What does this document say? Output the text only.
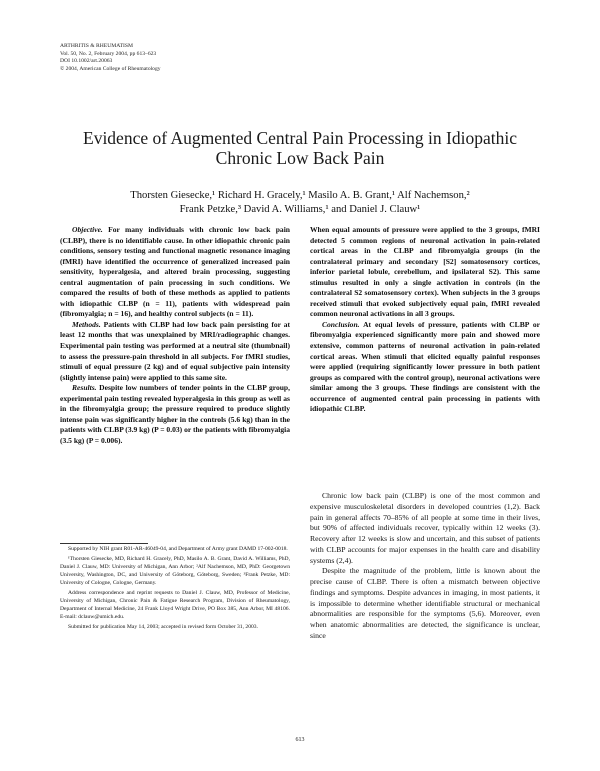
ARTHRITIS & RHEUMATISM
Vol. 50, No. 2, February 2004, pp 613–623
DOI 10.1002/art.20063
© 2004, American College of Rheumatology
Evidence of Augmented Central Pain Processing in Idiopathic
Chronic Low Back Pain
Thorsten Giesecke,¹ Richard H. Gracely,¹ Masilo A. B. Grant,¹ Alf Nachemson,²
Frank Petzke,³ David A. Williams,¹ and Daniel J. Clauw¹

Objective. For many individuals with chronic low back pain (CLBP), there is no identifiable cause. In other idiopathic chronic pain conditions, sensory testing and functional magnetic resonance imaging (fMRI) have identified the occurrence of generalized increased pain sensitivity, hyperalgesia, and altered brain processing, suggesting central augmentation of pain processing in such conditions. We compared the results of both of these methods as applied to patients with idiopathic CLBP (n = 11), patients with widespread pain (fibromyalgia; n = 16), and healthy control subjects (n = 11).

Methods. Patients with CLBP had low back pain persisting for at least 12 months that was unexplained by MRI/radiographic changes. Experimental pain testing was performed at a neutral site (thumbnail) to assess the pressure-pain threshold in all subjects. For fMRI studies, stimuli of equal pressure (2 kg) and of equal subjective pain intensity (slightly intense pain) were applied to this same site.

Results. Despite low numbers of tender points in the CLBP group, experimental pain testing revealed hyperalgesia in this group as well as in the fibromyalgia group; the pressure required to produce slightly intense pain was significantly higher in the controls (5.6 kg) than in the patients with CLBP (3.9 kg) (P = 0.03) or the patients with fibromyalgia (3.5 kg) (P = 0.006).

When equal amounts of pressure were applied to the 3 groups, fMRI detected 5 common regions of neuronal activation in pain-related cortical areas in the CLBP and fibromyalgia groups (in the contralateral primary and secondary [S2] somatosensory cortices, inferior parietal lobule, cerebellum, and ipsilateral S2). This same stimulus resulted in only a single activation in controls (in the contralateral S2 somatosensory cortex). When subjects in the 3 groups received stimuli that evoked subjectively equal pain, fMRI revealed common neuronal activations in all 3 groups.

Conclusion. At equal levels of pressure, patients with CLBP or fibromyalgia experienced significantly more pain and showed more extensive, common patterns of neuronal activation in pain-related cortical areas. When stimuli that elicited equally painful responses were applied (requiring significantly lower pressure in both patient groups as compared with the control group), neuronal activations were similar among the 3 groups. These findings are consistent with the occurrence of augmented central pain processing in patients with idiopathic CLBP.

Chronic low back pain (CLBP) is one of the most common and expensive musculoskeletal disorders in developed countries (1,2). Back pain in general affects 70–85% of all people at some time in their lives, but 90% of affected individuals recover, typically within 12 weeks (3). Recovery after 12 weeks is slow and uncertain, and this subset of patients with CLBP accounts for major expenses in the health care and disability systems (2,4).

Despite the magnitude of the problem, little is known about the precise cause of CLBP. There is often a mismatch between objective findings and symptoms. Despite advances in imaging, in most patients, it is impossible to determine whether identifiable structural or mechanical abnormalities are responsible for the symptoms (5,6). Moreover, even when anatomic abnormalities are detected, the significance is unclear, since

Supported by NIH grant R01-AR-46049-04, and Department of Army grant DAMD 17-002-0018.

¹Thorsten Giesecke, MD, Richard H. Gracely, PhD, Masilo A. B. Grant, David A. Williams, PhD, Daniel J. Clauw, MD: University of Michigan, Ann Arbor; ²Alf Nachemson, MD, PhD: Georgetown University, Washington, DC, and University of Göteborg, Göteborg, Sweden; ³Frank Petzke, MD: University of Cologne, Cologne, Germany.

Address correspondence and reprint requests to Daniel J. Clauw, MD, Professor of Medicine, University of Michigan, Chronic Pain & Fatigue Research Program, Division of Rheumatology, Department of Internal Medicine, 24 Frank Lloyd Wright Drive, PO Box 385, Ann Arbor, MI 48106. E-mail: dclauw@umich.edu.

Submitted for publication May 14, 2003; accepted in revised form October 31, 2003.

613
